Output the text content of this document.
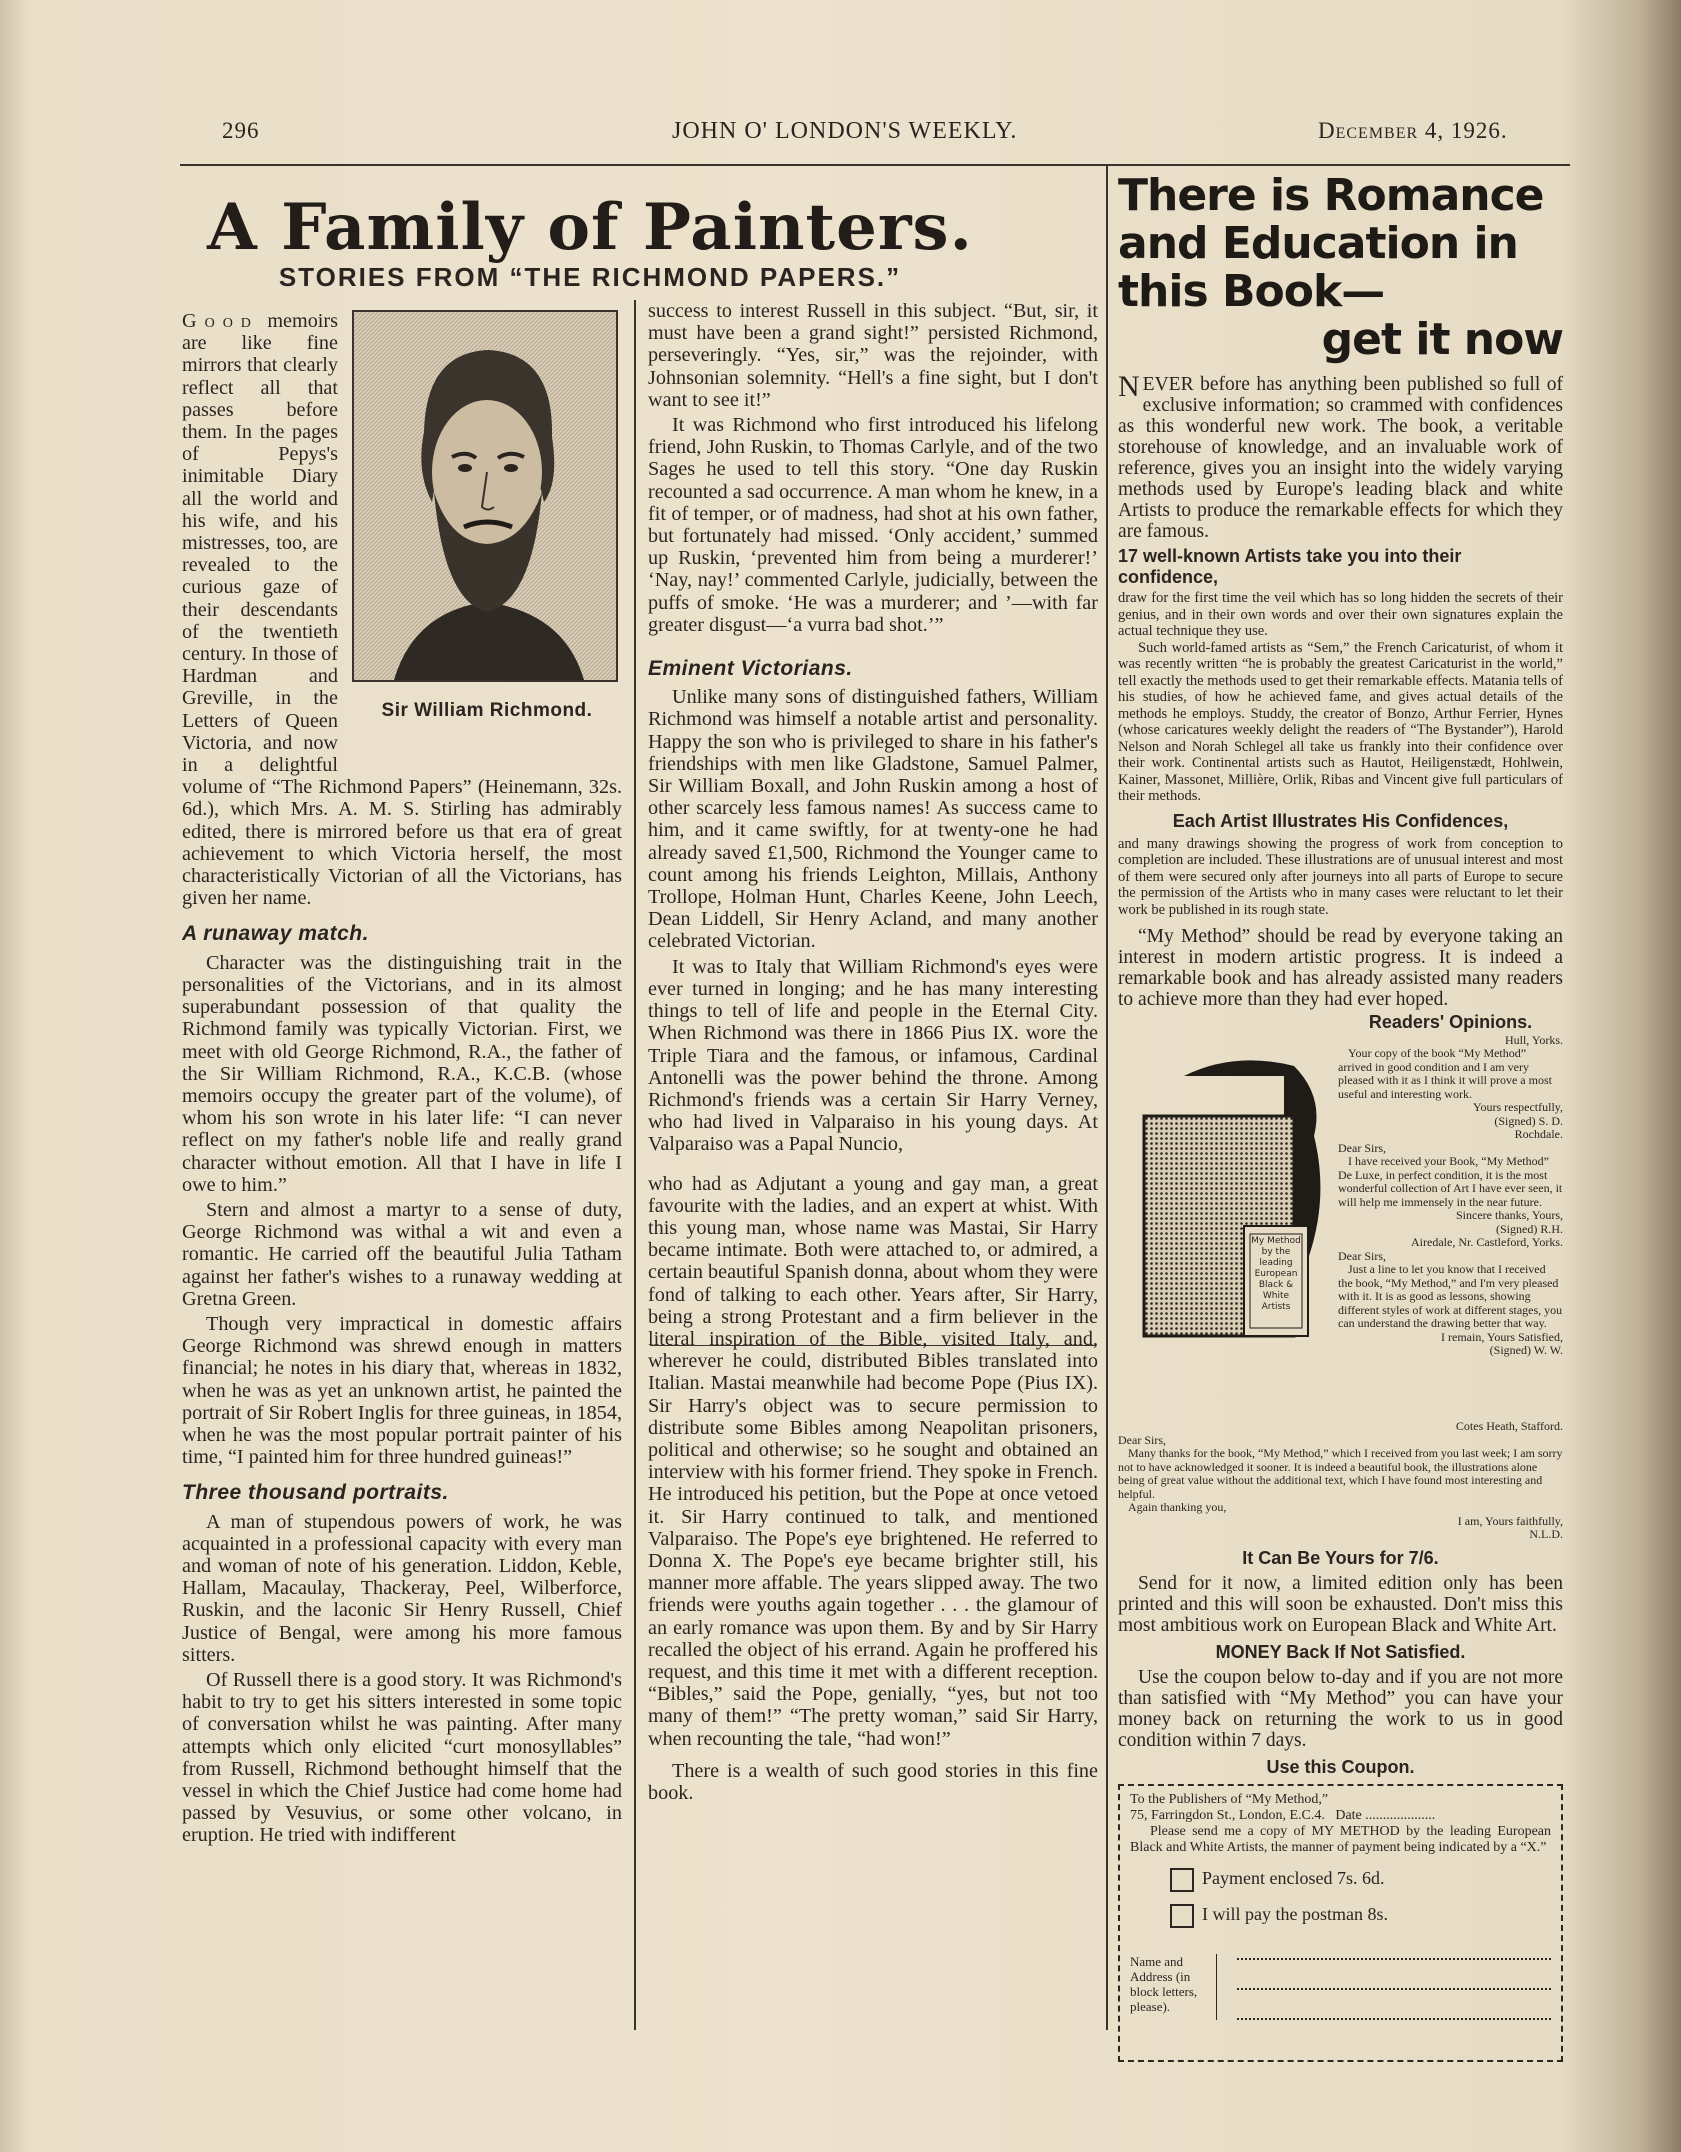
296	JOHN O' LONDON'S WEEKLY.	December 4, 1926.
A Family of Painters.
STORIES FROM “THE RICHMOND PAPERS.”
Sir William Richmond.

Good memoirs are like fine mirrors that clearly reflect all that passes before them. In the pages of Pepys's inimitable Diary all the world and his wife, and his mistresses, too, are revealed to the curious gaze of their descendants of the twentieth century. In those of Hardman and Greville, in the Letters of Queen Victoria, and now in a delightful volume of “The Richmond Papers” (Heinemann, 32s. 6d.), which Mrs. A. M. S. Stirling has admirably edited, there is mirrored before us that era of great achievement to which Victoria herself, the most characteristically Victorian of all the Victorians, has given her name.

A runaway match.

Character was the distinguishing trait in the personalities of the Victorians, and in its almost superabundant possession of that quality the Richmond family was typically Victorian. First, we meet with old George Richmond, R.A., the father of the Sir William Richmond, R.A., K.C.B. (whose memoirs occupy the greater part of the volume), of whom his son wrote in his later life: “I can never reflect on my father's noble life and really grand character without emotion. All that I have in life I owe to him.”

Stern and almost a martyr to a sense of duty, George Richmond was withal a wit and even a romantic. He carried off the beautiful Julia Tatham against her father's wishes to a runaway wedding at Gretna Green.

Though very impractical in domestic affairs George Richmond was shrewd enough in matters financial; he notes in his diary that, whereas in 1832, when he was as yet an unknown artist, he painted the portrait of Sir Robert Inglis for three guineas, in 1854, when he was the most popular portrait painter of his time, “I painted him for three hundred guineas!”

Three thousand portraits.

A man of stupendous powers of work, he was acquainted in a professional capacity with every man and woman of note of his generation. Liddon, Keble, Hallam, Macaulay, Thackeray, Peel, Wilberforce, Ruskin, and the laconic Sir Henry Russell, Chief Justice of Bengal, were among his more famous sitters.

Of Russell there is a good story. It was Richmond's habit to try to get his sitters interested in some topic of conversation whilst he was painting. After many attempts which only elicited “curt monosyllables” from Russell, Richmond bethought himself that the vessel in which the Chief Justice had come home had passed by Vesuvius, or some other volcano, in eruption. He tried with indifferent

success to interest Russell in this subject. “But, sir, it must have been a grand sight!” persisted Richmond, perseveringly. “Yes, sir,” was the rejoinder, with Johnsonian solemnity. “Hell's a fine sight, but I don't want to see it!”

It was Richmond who first introduced his lifelong friend, John Ruskin, to Thomas Carlyle, and of the two Sages he used to tell this story. “One day Ruskin recounted a sad occurrence. A man whom he knew, in a fit of temper, or of madness, had shot at his own father, but fortunately had missed. ‘Only accident,’ summed up Ruskin, ‘prevented him from being a murderer!’ ‘Nay, nay!’ commented Carlyle, judicially, between the puffs of smoke. ‘He was a murderer; and ’—with far greater disgust—‘a vurra bad shot.’”

Eminent Victorians.

Unlike many sons of distinguished fathers, William Richmond was himself a notable artist and personality. Happy the son who is privileged to share in his father's friendships with men like Gladstone, Samuel Palmer, Sir William Boxall, and John Ruskin among a host of other scarcely less famous names! As success came to him, and it came swiftly, for at twenty-one he had already saved £1,500, Richmond the Younger came to count among his friends Leighton, Millais, Anthony Trollope, Holman Hunt, Charles Keene, John Leech, Dean Liddell, Sir Henry Acland, and many another celebrated Victorian.

It was to Italy that William Richmond's eyes were ever turned in longing; and he has many interesting things to tell of life and people in the Eternal City. When Richmond was there in 1866 Pius IX. wore the Triple Tiara and the famous, or infamous, Cardinal Antonelli was the power behind the throne. Among Richmond's friends was a certain Sir Harry Verney, who had lived in Valparaiso in his young days. At Valparaiso was a Papal Nuncio,

who had as Adjutant a young and gay man, a great favourite with the ladies, and an expert at whist. With this young man, whose name was Mastai, Sir Harry became intimate. Both were attached to, or admired, a certain beautiful Spanish donna, about whom they were fond of talking to each other. Years after, Sir Harry, being a strong Protestant and a firm believer in the literal inspiration of the Bible, visited Italy, and, wherever he could, distributed Bibles translated into Italian. Mastai meanwhile had become Pope (Pius IX). Sir Harry's object was to secure permission to distribute some Bibles among Neapolitan prisoners, political and otherwise; so he sought and obtained an interview with his former friend. They spoke in French. He introduced his petition, but the Pope at once vetoed it. Sir Harry continued to talk, and mentioned Valparaiso. The Pope's eye brightened. He referred to Donna X. The Pope's eye became brighter still, his manner more affable. The years slipped away. The two friends were youths again together . . . the glamour of an early romance was upon them. By and by Sir Harry recalled the object of his errand. Again he proffered his request, and this time it met with a different reception. “Bibles,” said the Pope, genially, “yes, but not too many of them!” “The pretty woman,” said Sir Harry, when recounting the tale, “had won!”

There is a wealth of such good stories in this fine book.

There is Romance
and Education in
this Book—
get it now

NEVER before has anything been published so full of exclusive information; so crammed with confidences as this wonderful new work. The book, a veritable storehouse of knowledge, and an invaluable work of reference, gives you an insight into the widely varying methods used by Europe's leading black and white Artists to produce the remarkable effects for which they are famous.

17 well-known Artists take you into their confidence,

draw for the first time the veil which has so long hidden the secrets of their genius, and in their own words and over their own signatures explain the actual technique they use.

Such world-famed artists as “Sem,” the French Caricaturist, of whom it was recently written “he is probably the greatest Caricaturist in the world,” tell exactly the methods used to get their remarkable effects. Matania tells of his studies, of how he achieved fame, and gives actual details of the methods he employs. Studdy, the creator of Bonzo, Arthur Ferrier, Hynes (whose caricatures weekly delight the readers of “The Bystander”), Harold Nelson and Norah Schlegel all take us frankly into their confidence over their work. Continental artists such as Hautot, Heiligenstædt, Hohlwein, Kainer, Massonet, Millière, Orlik, Ribas and Vincent give full particulars of their methods.

Each Artist Illustrates His Confidences,

and many drawings showing the progress of work from conception to completion are included. These illustrations are of unusual interest and most of them were secured only after journeys into all parts of Europe to secure the permission of the Artists who in many cases were reluctant to let their work be published in its rough state.

“My Method” should be read by everyone taking an interest in modern artistic progress. It is indeed a remarkable book and has already assisted many readers to achieve more than they had ever hoped.

My Method by the leading European Black & White Artists
Readers' Opinions.
Hull, Yorks.
Your copy of the book “My Method” arrived in good condition and I am very pleased with it as I think it will prove a most useful and interesting work.
Yours respectfully,
(Signed) S. D.
Rochdale.
Dear Sirs,
I have received your Book, “My Method” De Luxe, in perfect condition, it is the most wonderful collection of Art I have ever seen, it will help me immensely in the near future.
Sincere thanks, Yours,
(Signed) R.H.
Airedale, Nr. Castleford, Yorks.
Dear Sirs,
Just a line to let you know that I received the book, “My Method,” and I'm very pleased with it. It is as good as lessons, showing different styles of work at different stages, you can understand the drawing better that way.
I remain, Yours Satisfied,
(Signed) W. W.
Cotes Heath, Stafford.
Dear Sirs,
Many thanks for the book, “My Method,” which I received from you last week; I am sorry not to have acknowledged it sooner. It is indeed a beautiful book, the illustrations alone being of great value without the additional text, which I have found most interesting and helpful.
Again thanking you,
I am, Yours faithfully,
N.L.D.
It Can Be Yours for 7/6.

Send for it now, a limited edition only has been printed and this will soon be exhausted. Don't miss this most ambitious work on European Black and White Art.

MONEY Back If Not Satisfied.

Use the coupon below to-day and if you are not more than satisfied with “My Method” you can have your money back on returning the work to us in good condition within 7 days.

Use this Coupon.
To the Publishers of “My Method,”
75, Farringdon St., London, E.C.4. Date ....................
Please send me a copy of MY METHOD by the leading European Black and White Artists, the manner of payment being indicated by a “X.”
Payment enclosed 7s. 6d.
I will pay the postman 8s.
Name and Address (in block letters, please).
